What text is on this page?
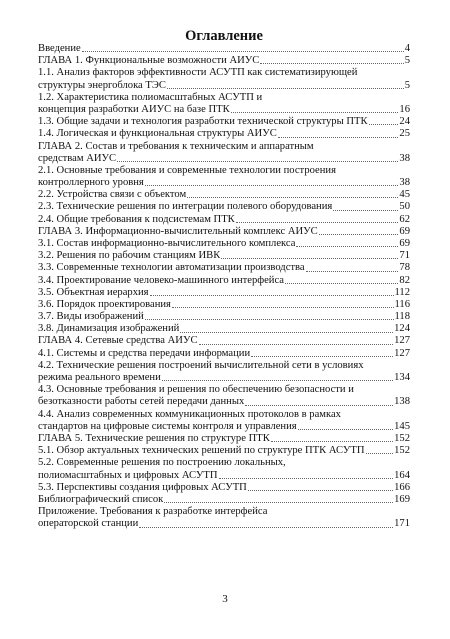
Оглавление
Введение	4
ГЛАВА 1. Функциональные возможности АИУС	5
1.1. Анализ факторов эффективности АСУТП как систематизирующей
структуры энергоблока ТЭС	5
1.2. Характеристика полиомасштабных АСУТП и
концепция разработки АИУС на базе ПТК	16
1.3. Общие задачи и технология разработки технической структуры ПТК	24
1.4. Логическая и функциональная структуры АИУС	25
ГЛАВА 2. Состав и требования к техническим и аппаратным
средствам АИУС	38
2.1. Основные требования и современные технологии построения
контроллерного уровня	38
2.2. Устройства связи с объектом	45
2.3. Технические решения по интеграции полевого оборудования	50
2.4. Общие требования к подсистемам ПТК	62
ГЛАВА 3. Информационно-вычислительный комплекс АИУС	69
3.1. Состав информационно-вычислительного комплекса	69
3.2. Решения по рабочим станциям ИВК	71
3.3. Современные технологии автоматизации производства	78
3.4. Проектирование человеко-машинного интерфейса	82
3.5. Объектная иерархия	112
3.6. Порядок проектирования	116
3.7. Виды изображений	118
3.8. Динамизация изображений	124
ГЛАВА 4. Сетевые средства АИУС	127
4.1. Системы и средства передачи информации	127
4.2. Технические решения построений вычислительной сети в условиях
режима реального времени	134
4.3. Основные требования и решения по обеспечению безопасности и
безотказности работы сетей передачи данных	138
4.4. Анализ современных коммуникационных протоколов в рамках
стандартов на цифровые системы контроля и управления	145
ГЛАВА 5. Технические решения по структуре ПТК	152
5.1. Обзор актуальных технических решений по структуре ПТК АСУТП	152
5.2. Современные решения по построению локальных,
полиомасштабных и цифровых АСУТП	164
5.3. Перспективы создания цифровых АСУТП	166
Библиографический список	169
Приложение. Требования к разработке интерфейса
операторской станции	171
3
